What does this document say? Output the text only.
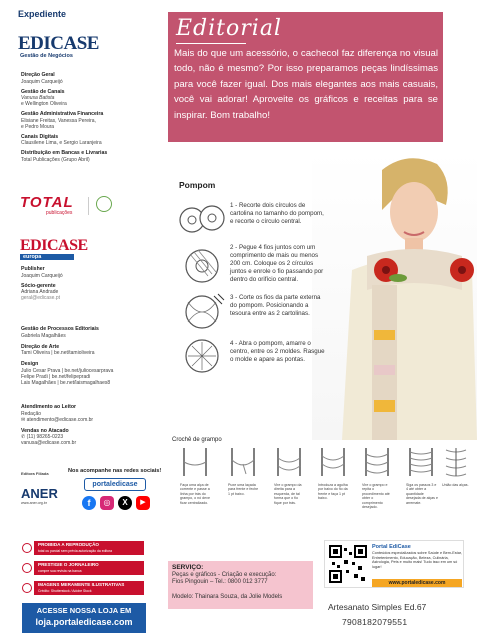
Expediente
EDICASE
Gestão de Negócios
Direção Geral
Joaquim Carqueijó
Gestão de Canais
Vanusa Batista
e Wellington Oliveira
Gestão Administrativa Financeira
Elisiane Freitas, Vanessa Pereira,
e Pedro Moura
Canais Digitais
Clausilene Lima, e Sergio Laranjeira
Distribuição em Bancas e Livrarias
Total Publicações (Grupo Abril)
TOTAL
publicações
EDICASE
europa
Publisher
Joaquim Carqueijó
Sócio-gerente
Adriana Andrade
geral@edicase.pt
Gestão de Processos Editoriais
Gabriela Magalhães
Direção de Arte
Tami Oliveira | be.net/tamioliveira
Design
Julio Cesar Prava | be.net/juliocesarprava
Felipe Pradi | be.net/felipepradi
Lais Magalhães | be.net/laismagalhaes8
Atendimento ao Leitor
Redação
✉ atendimento@edicase.com.br
Vendas no Atacado
✆ (11) 98265-0223
vanusa@edicase.com.br
Editora Filiada
ANER
www.aner.org.br
Nos acompanhe nas redes sociais!
portaledicase
f	◎	X	▶
PROIBIDA A REPRODUÇÃO
total ou parcial sem prévia autorização da editora
PRESTIGIE O JORNALEIRO
compre sua revista na banca
IMAGENS MERAMENTE ILUSTRATIVAS
Crédito: Shutterstock / Adobe Stock
ACESSE NOSSA LOJA EM
loja.portaledicase.com
Editorial
Mais do que um acessório, o cachecol faz diferença no visual todo, não é mesmo? Por isso preparamos peças lindíssimas para você fazer igual. Dos mais elegantes aos mais casuais, você vai adorar! Aproveite os gráficos e receitas para se inspirar. Bom trabalho!
Pompom
1 - Recorte dois círculos de cartolina no tamanho do pompom, e recorte o círculo central.
2 - Pegue 4 fios juntos com um comprimento de mais ou menos 200 cm. Coloque os 2 círculos juntos e enrole o fio passando por dentro do orifício central.
3 - Corte os fios da parte externa do pompom. Posicionando a tesoura entre as 2 cartolinas.
4 - Abra o pompom, amarre o centro, entre os 2 moldes. Rasgue o molde e apare as pontas.
Crochê de grampo
Faça uma alça de corrente e passe a linha por trás do grampo, o nó deve ficar centralizado.
Puxe uma laçada para frente e feche 1 pt baixo.
Vire o grampo da direita para a esquerda, de tal forma que o fio fique por trás.
Introduza a agulha por baixo do fio da frente e faça 1 pt baixo.
Vire o grampo e repita o procedimento até obter o comprimento desejado.
Siga os passos 3 e 4 até obter a quantidade desejada de alças e arremate.
União das alças.
SERVIÇO:
Peças e gráficos - Criação e execução:
Fios Pingouin – Tel.: 0800 012 3777
Modelo: Thainara Souza, da Jolie Models
Portal EdiCase
Conteúdos especializados sobre Saúde e Bem-Estar, Entretenimento, Educação, Beleza, Culinária, Astrologia, Pets e muito mais! Tudo isso em um só lugar!
www.portaledicase.com
Artesanato Simples Ed.67
7908182079551
